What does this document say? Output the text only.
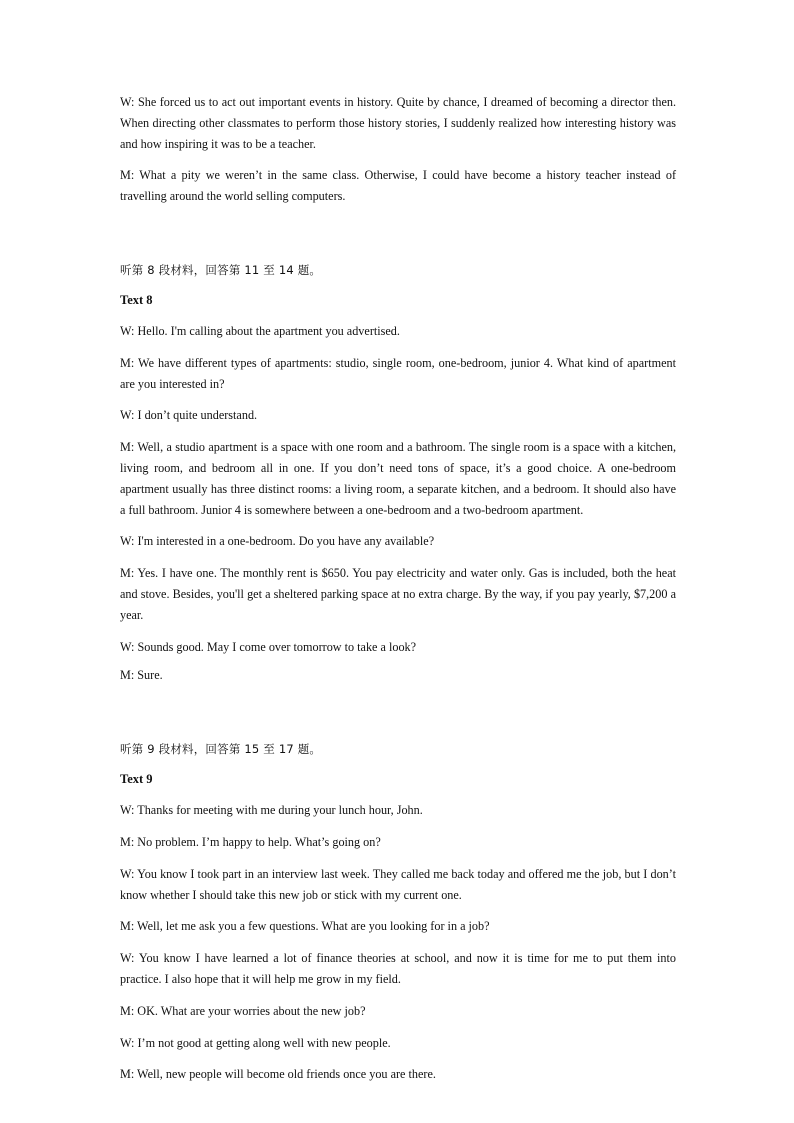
W: She forced us to act out important events in history. Quite by chance, I dreamed of becoming a director then. When directing other classmates to perform those history stories, I suddenly realized how interesting history was and how inspiring it was to be a teacher.

M: What a pity we weren’t in the same class. Otherwise, I could have become a history teacher instead of travelling around the world selling computers.

听第 8 段材料，回答第 11 至 14 题。
Text 8

W: Hello. I'm calling about the apartment you advertised.

M: We have different types of apartments: studio, single room, one-bedroom, junior 4. What kind of apartment are you interested in?

W: I don’t quite understand.

M: Well, a studio apartment is a space with one room and a bathroom. The single room is a space with a kitchen, living room, and bedroom all in one. If you don’t need tons of space, it’s a good choice. A one-bedroom apartment usually has three distinct rooms: a living room, a separate kitchen, and a bedroom. It should also have a full bathroom. Junior 4 is somewhere between a one-bedroom and a two-bedroom apartment.

W: I'm interested in a one-bedroom. Do you have any available?

M: Yes. I have one. The monthly rent is $650. You pay electricity and water only. Gas is included, both the heat and stove. Besides, you'll get a sheltered parking space at no extra charge. By the way, if you pay yearly, $7,200 a year.

W: Sounds good. May I come over tomorrow to take a look?

M: Sure.

听第 9 段材料，回答第 15 至 17 题。
Text 9

W: Thanks for meeting with me during your lunch hour, John.

M: No problem. I’m happy to help. What’s going on?

W: You know I took part in an interview last week. They called me back today and offered me the job, but I don’t know whether I should take this new job or stick with my current one.

M: Well, let me ask you a few questions. What are you looking for in a job?

W: You know I have learned a lot of finance theories at school, and now it is time for me to put them into practice. I also hope that it will help me grow in my field.

M: OK. What are your worries about the new job?

W: I’m not good at getting along well with new people.

M: Well, new people will become old friends once you are there.
